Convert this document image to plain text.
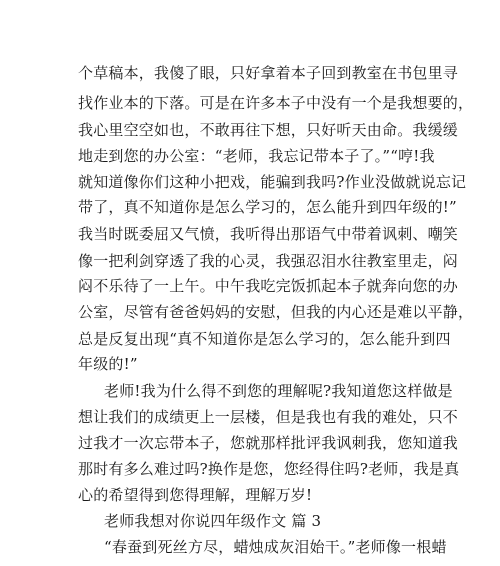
个草稿本，我傻了眼，只好拿着本子回到教室在书包里寻
找作业本的下落。可是在许多本子中没有一个是我想要的，
我心里空空如也，不敢再往下想，只好听天由命。我缓缓
地走到您的办公室：“老师，我忘记带本子了。”“哼!我
就知道像你们这种小把戏，能骗到我吗?作业没做就说忘记
带了，真不知道你是怎么学习的，怎么能升到四年级的!”
我当时既委屈又气愤，我听得出那语气中带着讽刺、嘲笑
像一把利剑穿透了我的心灵，我强忍泪水往教室里走，闷
闷不乐待了一上午。中午我吃完饭抓起本子就奔向您的办
公室，尽管有爸爸妈妈的安慰，但我的内心还是难以平静，
总是反复出现“真不知道你是怎么学习的，怎么能升到四
年级的!”
老师!我为什么得不到您的理解呢?我知道您这样做是
想让我们的成绩更上一层楼，但是我也有我的难处，只不
过我才一次忘带本子，您就那样批评我讽刺我，您知道我
那时有多么难过吗?换作是您，您经得住吗?老师，我是真
心的希望得到您得理解，理解万岁!
老师我想对你说四年级作文 篇 3
“春蚕到死丝方尽，蜡烛成灰泪始干。”老师像一根蜡
